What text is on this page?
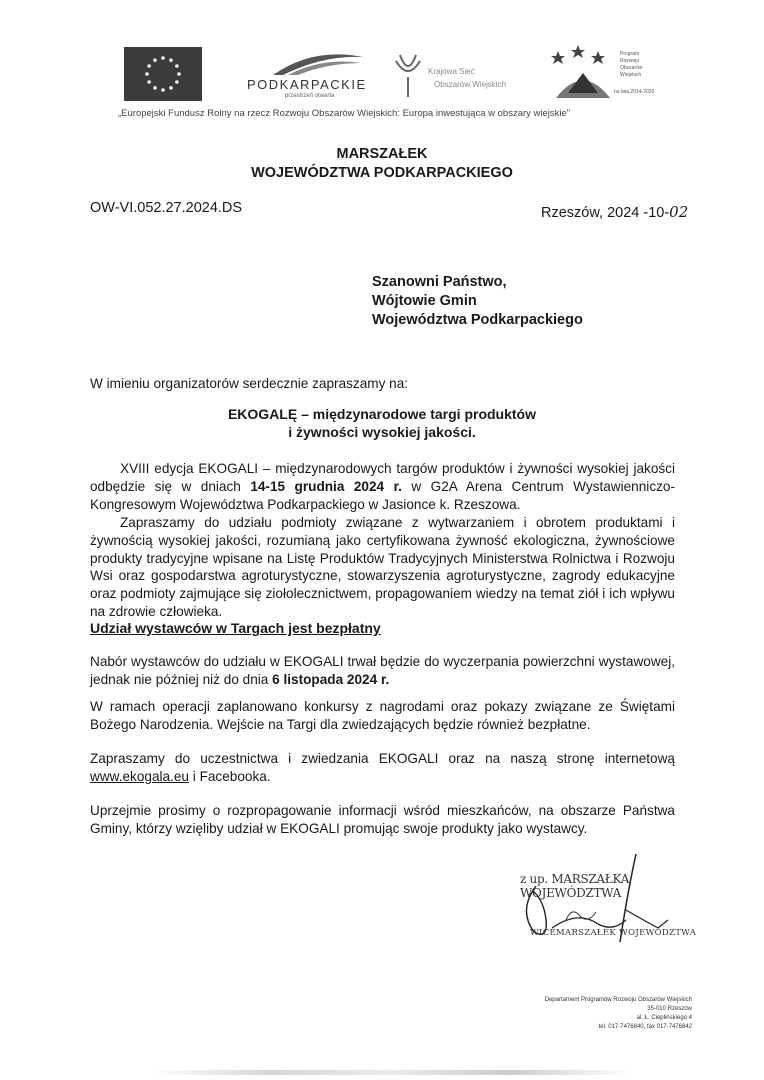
PODKARPACKIE
przestrzeń otwarta
Krajowa Sieć
Obszarów Wiejskich
Program
Rozwoju
Obszarów
Wiejskich
na lata 2014-2020
„Europejski Fundusz Rolny na rzecz Rozwoju Obszarów Wiejskich: Europa inwestująca w obszary wiejskie"
MARSZAŁEK
WOJEWÓDZTWA PODKARPACKIEGO
OW-VI.052.27.2024.DS	Rzeszów, 2024 -10-02
Szanowni Państwo,
Wójtowie Gmin
Województwa Podkarpackiego
W imieniu organizatorów serdecznie zapraszamy na:
EKOGALĘ – międzynarodowe targi produktów
i żywności wysokiej jakości.
XVIII edycja EKOGALI – międzynarodowych targów produktów i żywności wysokiej jakości odbędzie się w dniach 14-15 grudnia 2024 r. w G2A Arena Centrum Wystawienniczo-Kongresowym Województwa Podkarpackiego w Jasionce k. Rzeszowa.
Zapraszamy do udziału podmioty związane z wytwarzaniem i obrotem produktami i żywnością wysokiej jakości, rozumianą jako certyfikowana żywność ekologiczna, żywnościowe produkty tradycyjne wpisane na Listę Produktów Tradycyjnych Ministerstwa Rolnictwa i Rozwoju Wsi oraz gospodarstwa agroturystyczne, stowarzyszenia agroturystyczne, zagrody edukacyjne oraz podmioty zajmujące się ziołolecznictwem, propagowaniem wiedzy na temat ziół i ich wpływu na zdrowie człowieka.
Udział wystawców w Targach jest bezpłatny
Nabór wystawców do udziału w EKOGALI trwał będzie do wyczerpania powierzchni wystawowej, jednak nie później niż do dnia 6 listopada 2024 r.
W ramach operacji zaplanowano konkursy z nagrodami oraz pokazy związane ze Świętami Bożego Narodzenia. Wejście na Targi dla zwiedzających będzie również bezpłatne.
Zapraszamy do uczestnictwa i zwiedzania EKOGALI oraz na naszą stronę internetową www.ekogala.eu i Facebooka.
Uprzejmie prosimy o rozpropagowanie informacji wśród mieszkańców, na obszarze Państwa Gminy, którzy wzięliby udział w EKOGALI promując swoje produkty jako wystawcy.
z up. MARSZAŁKA WOJEWÓDZTWA
WICEMARSZAŁEK WOJEWÓDZTWA
Departament Programów Rozwoju Obszarów Wiejskich
35-010 Rzeszów
al. Ł. Cieplińskiego 4
tel. 017-7476840, fax 017-7476842
